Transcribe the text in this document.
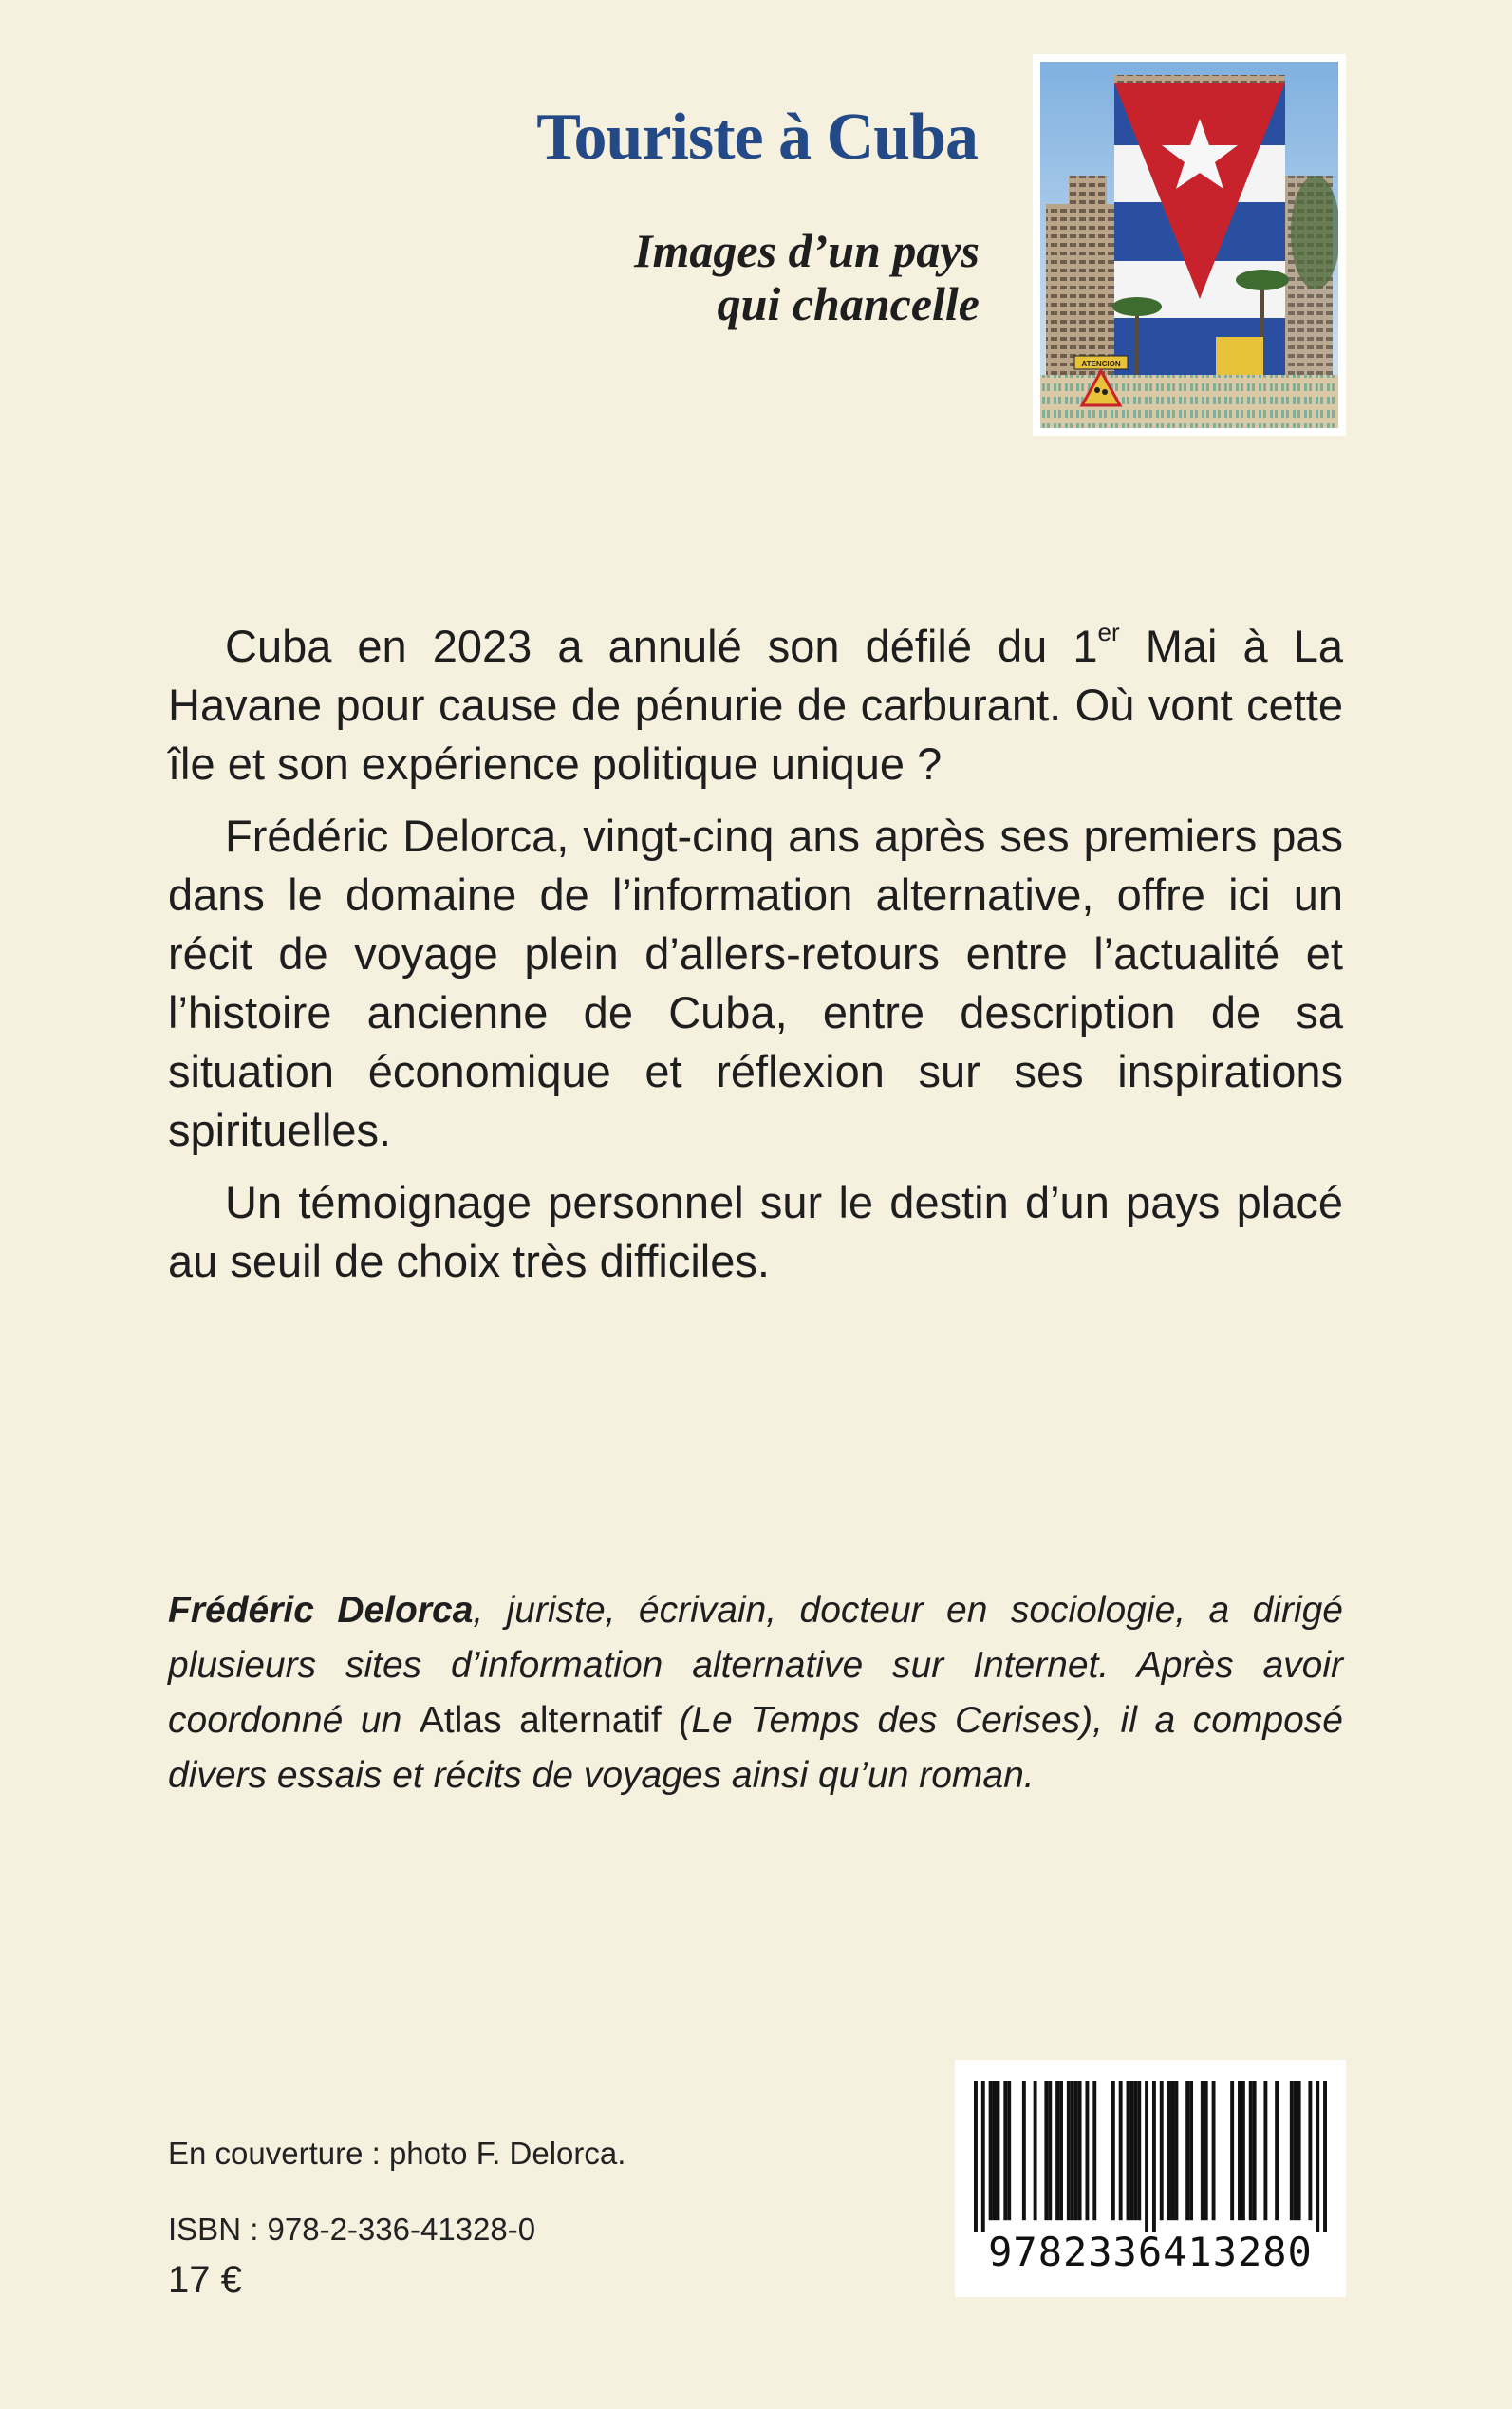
Touriste à Cuba
Images d’un pays
qui chancelle
ATENCION

Cuba en 2023 a annulé son défilé du 1er Mai à La Havane pour cause de pénurie de carburant. Où vont cette île et son expérience politique unique ?

Frédéric Delorca, vingt-cinq ans après ses premiers pas dans le domaine de l’information alternative, offre ici un récit de voyage plein d’allers-retours entre l’actualité et l’histoire ancienne de Cuba, entre description de sa situation économique et réflexion sur ses inspirations spirituelles.

Un témoignage personnel sur le destin d’un pays placé au seuil de choix très difficiles.

Frédéric Delorca, juriste, écrivain, docteur en sociologie, a dirigé plusieurs sites d’information alternative sur Internet. Après avoir coordonné un Atlas alternatif (Le Temps des Cerises), il a composé divers essais et récits de voyages ainsi qu’un roman.

En couverture : photo F. Delorca.

ISBN : 978-2-336-41328-0

17 €

9782336413280
